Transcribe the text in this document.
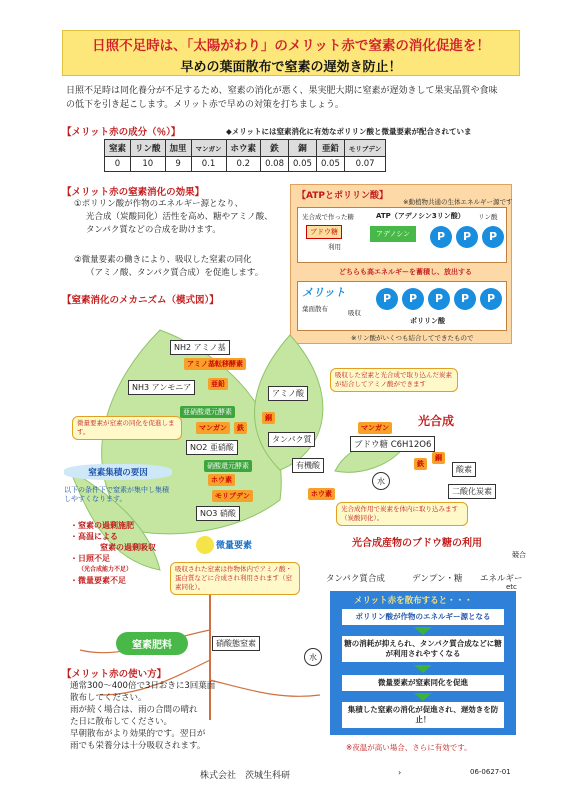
日照不足時は、「太陽がわり」のメリット赤で窒素の消化促進を！
早めの葉面散布で窒素の遅効き防止！
日照不足時は同化養分が不足するため、窒素の消化が悪く、果実肥大期に窒素が遅効きして果実品質や食味の低下を引き起こします。メリット赤で早めの対策を打ちましょう。
【メリット赤の成分（％）】	◆メリットには窒素消化に有効なポリリン酸と微量要素が配合されていま
窒素	リン酸	加里	マンガン	ホウ素	鉄	銅	亜鉛	モリブデン
0	10	9	0.1	0.2	0.08	0.05	0.05	0.07
【メリット赤の窒素消化の効果】
①ポリリン酸が作物のエネルギー源となり、
光合成（炭酸同化）活性を高め、糖やアミノ酸、
タンパク質などの合成を助けます。
②微量要素の働きにより、吸収した窒素の同化
（アミノ酸、タンパク質合成）を促進します。
【ATPとポリリン酸】
※動植物共通の生体エネルギー源です
光合成で作った糖
ブドウ糖
利用
ATP（アデノシン3リン酸）
アデノシン	P	P	P
リン酸
どちらも高エネルギーを蓄積し、放出する
メリット
葉面散布	吸収
P	P	P	P	P
ポリリン酸
※リン酸がいくつも結合してできたもので
【窒素消化のメカニズム（模式図）】
NH2 アミノ基
アミノ基転移酵素
NH3 アンモニア	亜鉛
アミノ酸
亜硝酸還元酵素
マンガン	鉄
銅
タンパク質
NO2 亜硝酸
硝酸還元酵素
ホウ素
モリブデン
NO3 硝酸
有機酸
ホウ素
マンガン
ブドウ糖 C6H12O6
光合成
鉄
銅
水
酸素
二酸化炭素
水
微量要素が窒素の同化を促進します。
吸収した窒素と光合成で取り込んだ炭素が結合してアミノ酸ができます
吸収された窒素は作物体内でアミノ酸・蛋白質などに合成され利用されます（窒素同化）。
光合成作用で炭素を体内に取り込みます（炭酸同化）。
窒素集積の要因
以下の条件下で窒素が集中し集積しやすくなります。
・窒素の過剰施肥
・高温による
窒素の過剰吸収
・日照不足
（光合成能力不足）
・微量要素不足
微量要素
窒素肥料	硝酸態窒素
光合成産物のブドウ糖の利用
競合
タンパク質合成	デンプン・糖 エネルギー
etc
メリット赤を散布すると・・・
ポリリン酸が作物のエネルギー源となる
糖の消耗が抑えられ、タンパク質合成などに糖が利用されやすくなる
微量要素が窒素同化を促進
集積した窒素の消化が促進され、遅効きを防止！
※夜温が高い場合、さらに有効です。
【メリット赤の使い方】
通常300～400倍で3日おきに3回葉面
散布してください。
雨が続く場合は、雨の合間の晴れ
た日に散布してください。
早朝散布がより効果的です。翌日が
雨でも栄養分は十分吸収されます。
株式会社　茨城生科研	›	06-0627-01
